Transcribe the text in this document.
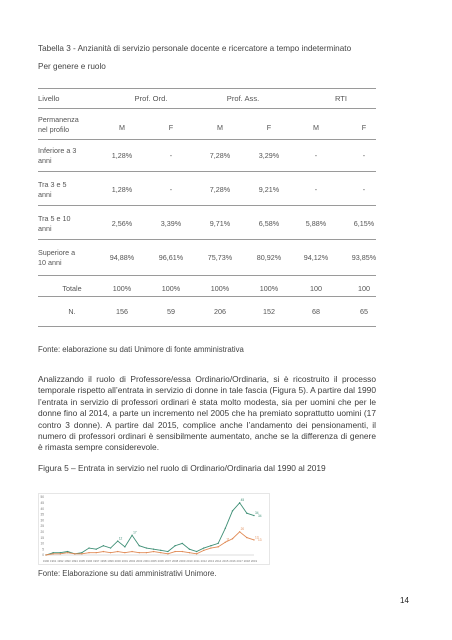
Tabella 3 - Anzianità di servizio personale docente e ricercatore a tempo indeterminato
Per genere e ruolo
Livello	Prof. Ord.	Prof. Ass.	RTI
Permanenza
nel profilo	M	F	M	F	M	F
Inferiore a 3
anni	1,28%	-	7,28%	3,29%	-	-
Tra 3 e 5
anni	1,28%	-	7,28%	9,21%	-	-
Tra 5 e 10
anni	2,56%	3,39%	9,71%	6,58%	5,88%	6,15%
Superiore a
10 anni	94,88%	96,61%	75,73%	80,92%	94,12%	93,85%
Totale	100%	100%	100%	100%	100	100
N.	156	59	206	152	68	65
Fonte: elaborazione su dati Unimore di fonte amministrativa
Analizzando il ruolo di Professore/essa Ordinario/Ordinaria, si è ricostruito il processo temporale rispetto all’entrata in servizio di donne in tale fascia (Figura 5). A partire dal 1990 l’entrata in servizio di professori ordinari è stata molto modesta, sia per uomini che per le donne fino al 2014, a parte un incremento nel 2005 che ha premiato soprattutto uomini (17 contro 3 donne). A partire dal 2015, complice anche l’andamento dei pensionamenti, il numero di professori ordinari è sensibilmente aumentato, anche se la differenza di genere è rimasta sempre considerevole.
Figura 5 – Entrata in servizio nel ruolo di Ordinario/Ordinaria dal 1990 al 2019
0
5
10
15
20
25
30
35
40
45
50
1990 1991 1992 1993 1994 1995 1996 1997 1998 1999 2000 2001 2002 2003 2004 2005 2006 2007 2008 2009 2010 2011 2012 2013 2014 2015 2016 2017 2018 2019
12
17
45
34
11
20
13
34
13
Fonte: Elaborazione su dati amministrativi Unimore.
14
